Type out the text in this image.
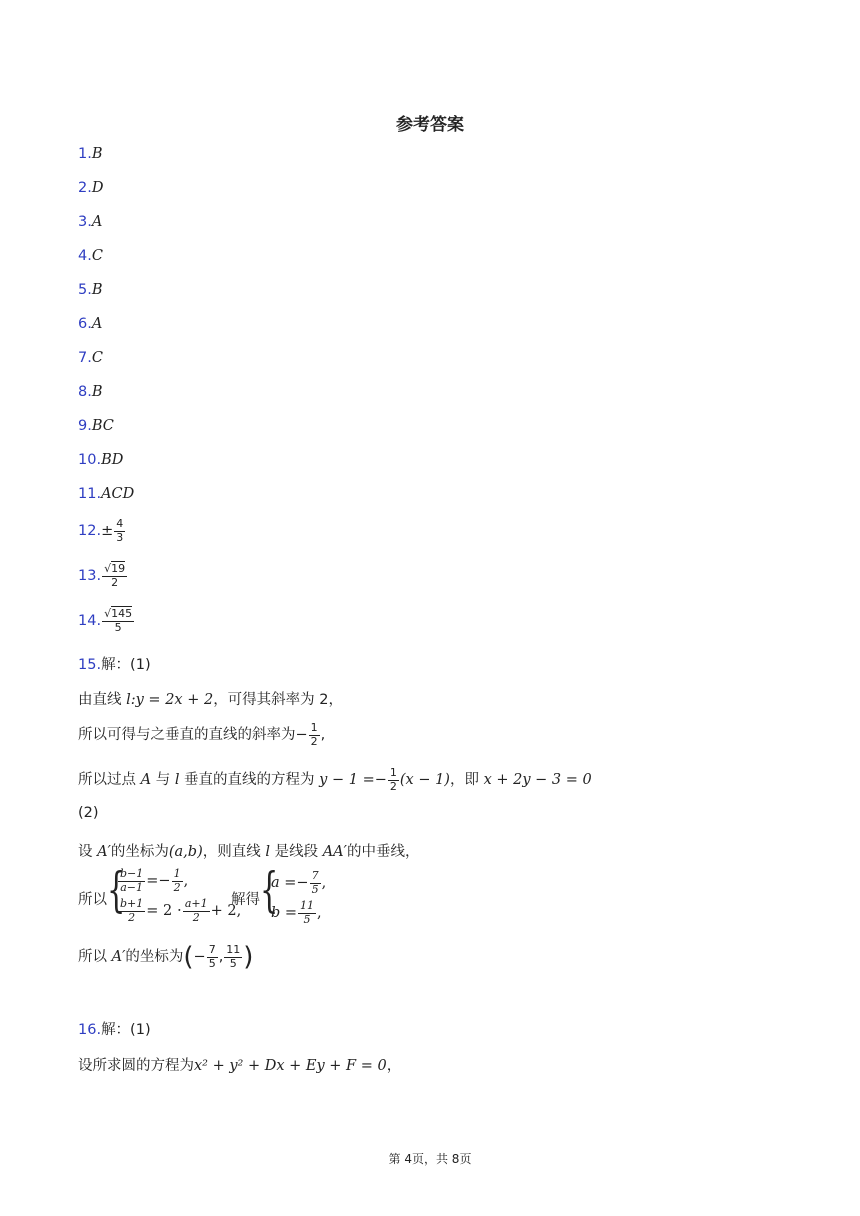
参考答案
1.B
2.D
3.A
4.C
5.B
6.A
7.C
8.B
9.BC
10.BD
11.ACD
$12.\pm \frac{4}{3}$
13. $\frac{√19}{2}$
14. $\frac{√145}{5}$
15.解：(1)
由直线 l:y = 2x + 2，可得其斜率为 2，
所以可得与之垂直的直线的斜率为− $\frac{1}{2}$ ,
所以过点 A 与 l 垂直的直线的方程为 $y - 1 =- \frac{1}{2} (x - 1)$，即 x + 2y − 3 = 0
(2)
设 A′的坐标为(a,b)，则直线 l 是线段 AA′的中垂线，
所以 {
$\frac{b-1}{a-1} =- \frac{1}{2}$ ,
$\frac{b+1}{2} = 2 \cdot \frac{a+1}{2} + 2$,
解得 {
$a =- \frac{7}{5}$ ,
$b = \frac{11}{5}$ ,
所以 A′的坐标为(− $\frac{7}{5}$ , $\frac{11}{5}$ )
16.解：(1)
设所求圆的方程为x² + y² + Dx + Ey + F = 0，
第 4页，共 8页
